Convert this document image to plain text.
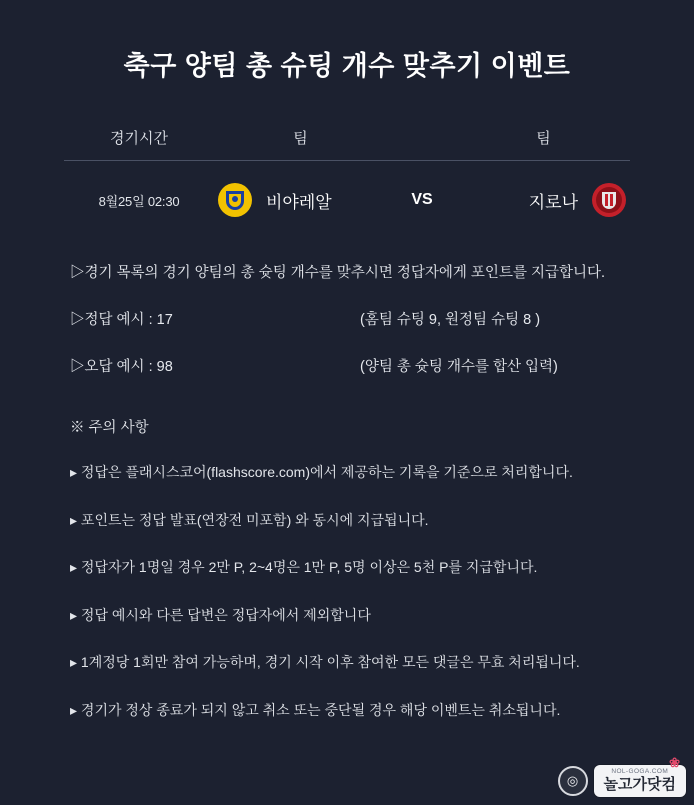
축구 양팀 총 슈팅 개수 맞추기 이벤트
경기시간	팀	팀
8월25일 02:30	비야레알	VS	지로나
▷경기 목록의 경기 양팀의 총 슛팅 개수를 맞추시면 정답자에게 포인트를 지급합니다.
▷정답 예시 : 17	(홈팀 슈팅 9, 원정팀 슈팅 8 )
▷오답 예시 : 98	(양팀 총 슛팅 개수를 합산 입력)
※ 주의 사항
▸ 정답은 플래시스코어(flashscore.com)에서 제공하는 기록을 기준으로 처리합니다.
▸ 포인트는 정답 발표(연장전 미포함) 와 동시에 지급됩니다.
▸ 정답자가 1명일 경우 2만 P, 2~4명은 1만 P, 5명 이상은 5천 P를 지급합니다.
▸ 정답 예시와 다른 답변은 정답자에서 제외합니다
▸ 1계정당 1회만 참여 가능하며, 경기 시작 이후 참여한 모든 댓글은 무효 처리됩니다.
▸ 경기가 정상 종료가 되지 않고 취소 또는 중단될 경우 해당 이벤트는 취소됩니다.
◎
❀
NOL-GOGA.COM
놀고가닷컴
